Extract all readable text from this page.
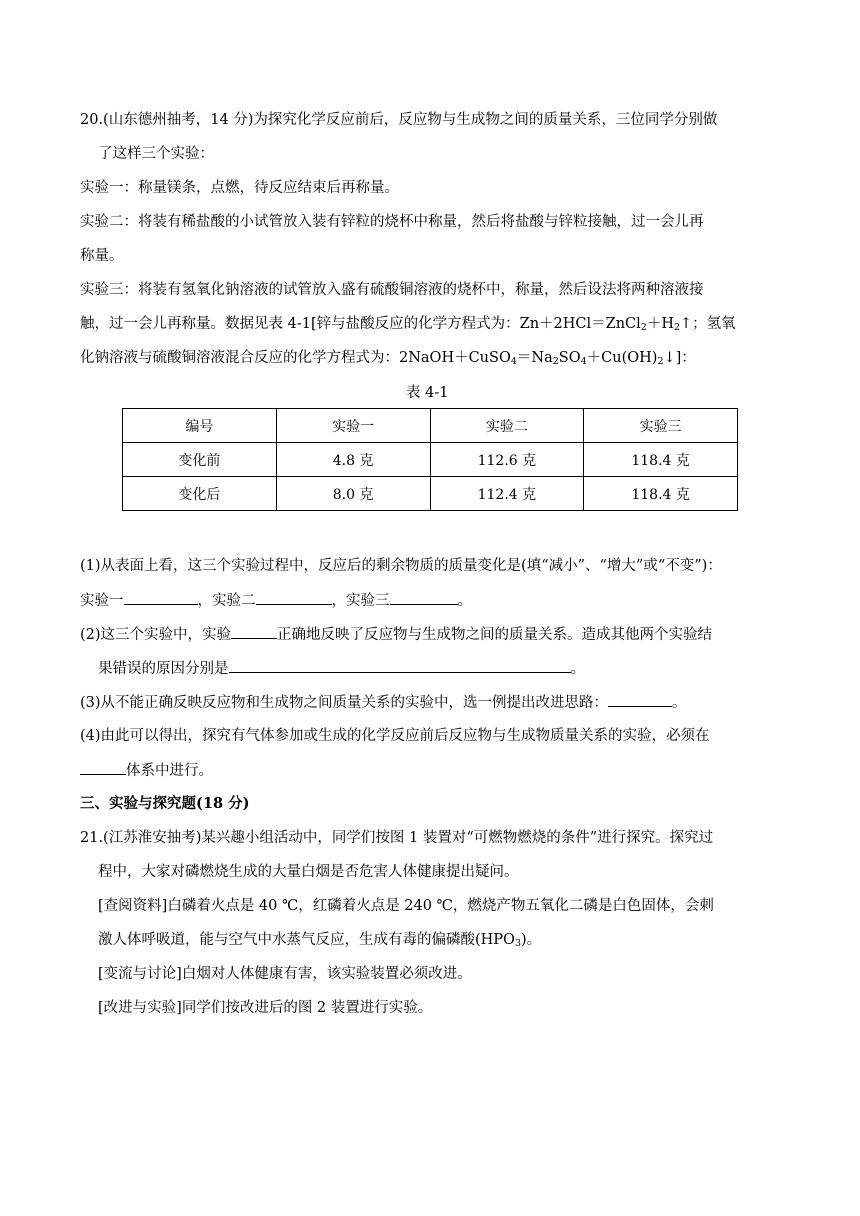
20.(山东德州抽考，14 分)为探究化学反应前后，反应物与生成物之间的质量关系，三位同学分别做
了这样三个实验：
实验一：称量镁条，点燃，待反应结束后再称量。
实验二：将装有稀盐酸的小试管放入装有锌粒的烧杯中称量，然后将盐酸与锌粒接触，过一会儿再
称量。
实验三：将装有氢氧化钠溶液的试管放入盛有硫酸铜溶液的烧杯中，称量，然后设法将两种溶液接
触，过一会儿再称量。数据见表 4-1[锌与盐酸反应的化学方程式为：$Zn+2HCl=ZnCl_2+H_2↑$；氢氧
化钠溶液与硫酸铜溶液混合反应的化学方程式为：$2NaOH+CuSO_4=Na_2SO_4+Cu(OH)_2↓$]：
表 4-1
编号	实验一	实验二	实验三
变化前	4.8 克	112.6 克	118.4 克
变化后	8.0 克	112.4 克	118.4 克
(1)从表面上看，这三个实验过程中，反应后的剩余物质的质量变化是(填“减小”、“增大”或“不变”)：
实验一	，实验二	，实验三	。
(2)这三个实验中，实验	正确地反映了反应物与生成物之间的质量关系。造成其他两个实验结
果错误的原因分别是	。
(3)从不能正确反映反应物和生成物之间质量关系的实验中，选一例提出改进思路：	。
(4)由此可以得出，探究有气体参加或生成的化学反应前后反应物与生成物质量关系的实验，必须在
体系中进行。
三、实验与探究题(18 分)
21.(江苏淮安抽考)某兴趣小组活动中，同学们按图 1 装置对“可燃物燃烧的条件”进行探究。探究过
程中，大家对磷燃烧生成的大量白烟是否危害人体健康提出疑问。
[查阅资料]白磷着火点是 40 ℃，红磷着火点是 240 ℃，燃烧产物五氧化二磷是白色固体，会刺
激人体呼吸道，能与空气中水蒸气反应，生成有毒的偏磷酸$(HPO_3)$。
[变流与讨论]白烟对人体健康有害，该实验装置必须改进。
[改进与实验]同学们按改进后的图 2 装置进行实验。
